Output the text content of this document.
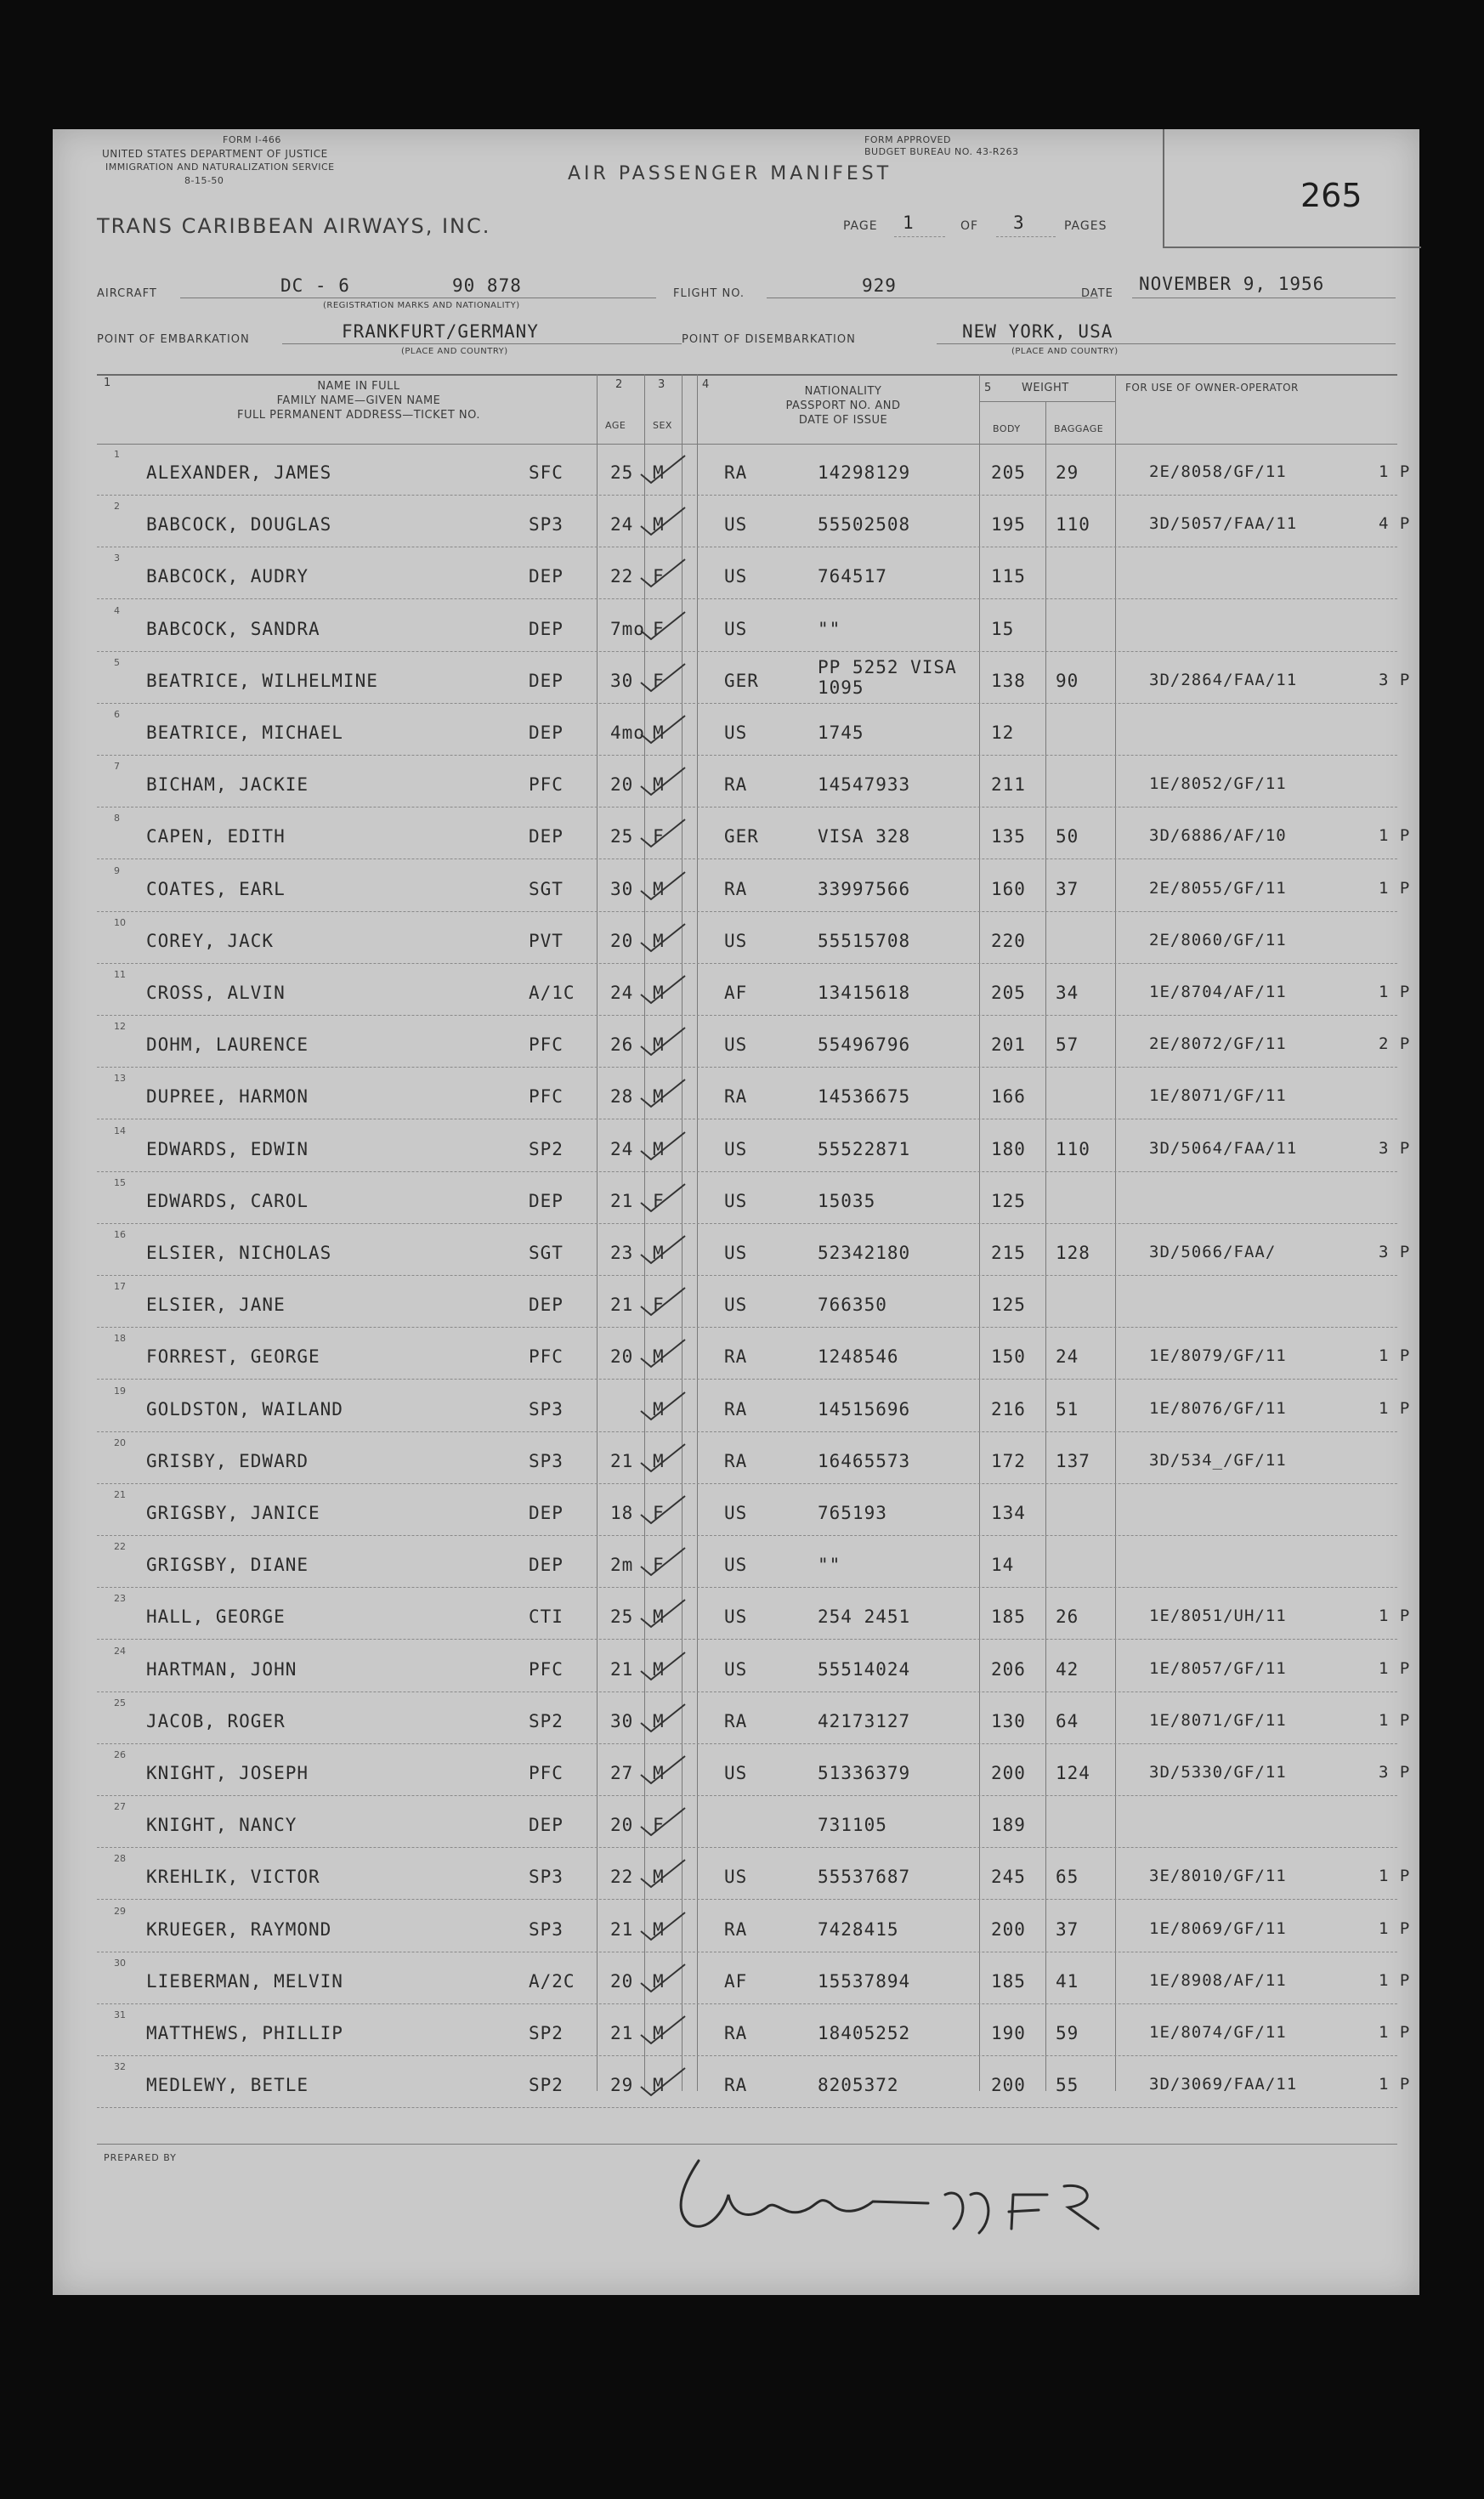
FORM I-466
UNITED STATES DEPARTMENT OF JUSTICE
IMMIGRATION AND NATURALIZATION SERVICE
8-15-50	AIR PASSENGER MANIFEST
FORM APPROVED
BUDGET BUREAU NO. 43-R263
265
TRANS CARIBBEAN AIRWAYS, INC.	PAGE 1	OF 3	PAGES
AIRCRAFT	DC - 6	90 878
(REGISTRATION MARKS AND NATIONALITY)
FLIGHT NO.	929	DATE NOVEMBER 9, 1956
POINT OF EMBARKATION	FRANKFURT/GERMANY
(PLACE AND COUNTRY)
POINT OF DISEMBARKATION	NEW YORK, USA
(PLACE AND COUNTRY)
1	NAME IN FULL
FAMILY NAME—GIVEN NAME
FULL PERMANENT ADDRESS—TICKET NO.
2
AGE
3
SEX
4
NATIONALITY
PASSPORT NO. AND
DATE OF ISSUE
5	WEIGHT
BODY	BAGGAGE
FOR USE OF OWNER-OPERATOR
1
ALEXANDER, JAMES	SFC	25 M	RA	14298129	205 29	2E/8058/GF/11	1 P
2
BABCOCK, DOUGLAS	SP3	24 M	US	55502508	195 110	3D/5057/FAA/11	4 P
3
BABCOCK, AUDRY	DEP	22 F	US	764517	115
4
BABCOCK, SANDRA	DEP	7mo F	US	""	15
5
BEATRICE, WILHELMINE	DEP	30 F	GER
PP 5252 VISA 1095	138 90	3D/2864/FAA/11	3 P
6
BEATRICE, MICHAEL	DEP	4mo M	US	1745	12
7
BICHAM, JACKIE	PFC	20 M	RA	14547933	211	1E/8052/GF/11
8
CAPEN, EDITH	DEP	25 F	GER	VISA 328	135 50	3D/6886/AF/10	1 P
9
COATES, EARL	SGT	30 M	RA	33997566	160 37	2E/8055/GF/11	1 P
10
COREY, JACK	PVT	20 M	US	55515708	220	2E/8060/GF/11
11
CROSS, ALVIN	A/1C 24 M	AF	13415618	205 34	1E/8704/AF/11	1 P
12
DOHM, LAURENCE	PFC	26 M	US	55496796	201 57	2E/8072/GF/11	2 P
13
DUPREE, HARMON	PFC	28 M	RA	14536675	166	1E/8071/GF/11
14
EDWARDS, EDWIN	SP2	24 M	US	55522871	180 110	3D/5064/FAA/11	3 P
15
EDWARDS, CAROL	DEP	21 F	US	15035	125
16
ELSIER, NICHOLAS	SGT	23 M	US	52342180	215 128	3D/5066/FAA/	3 P
17
ELSIER, JANE	DEP	21 F	US	766350	125
18
FORREST, GEORGE	PFC	20 M	RA	1248546	150 24	1E/8079/GF/11	1 P
19
GOLDSTON, WAILAND	SP3	M	RA	14515696	216 51	1E/8076/GF/11	1 P
20
GRISBY, EDWARD	SP3	21 M	RA	16465573	172 137	3D/534_/GF/11
21
GRIGSBY, JANICE	DEP	18 F	US	765193	134
22
GRIGSBY, DIANE	DEP	2m F	US	""	14
23
HALL, GEORGE	CTI	25 M	US	254 2451	185 26	1E/8051/UH/11	1 P
24
HARTMAN, JOHN	PFC	21 M	US	55514024	206 42	1E/8057/GF/11	1 P
25
JACOB, ROGER	SP2	30 M	RA	42173127	130 64	1E/8071/GF/11	1 P
26
KNIGHT, JOSEPH	PFC	27 M	US	51336379	200 124	3D/5330/GF/11	3 P
27
KNIGHT, NANCY	DEP	20 F	731105	189
28
KREHLIK, VICTOR	SP3	22 M	US	55537687	245 65	3E/8010/GF/11	1 P
29
KRUEGER, RAYMOND	SP3	21 M	RA	7428415	200 37	1E/8069/GF/11	1 P
30
LIEBERMAN, MELVIN	A/2C 20 M	AF	15537894	185 41	1E/8908/AF/11	1 P
31
MATTHEWS, PHILLIP	SP2	21 M	RA	18405252	190 59	1E/8074/GF/11	1 P
32
MEDLEWY, BETLE	SP2	29 M	RA	8205372	200 55	3D/3069/FAA/11	1 P
PREPARED BY
